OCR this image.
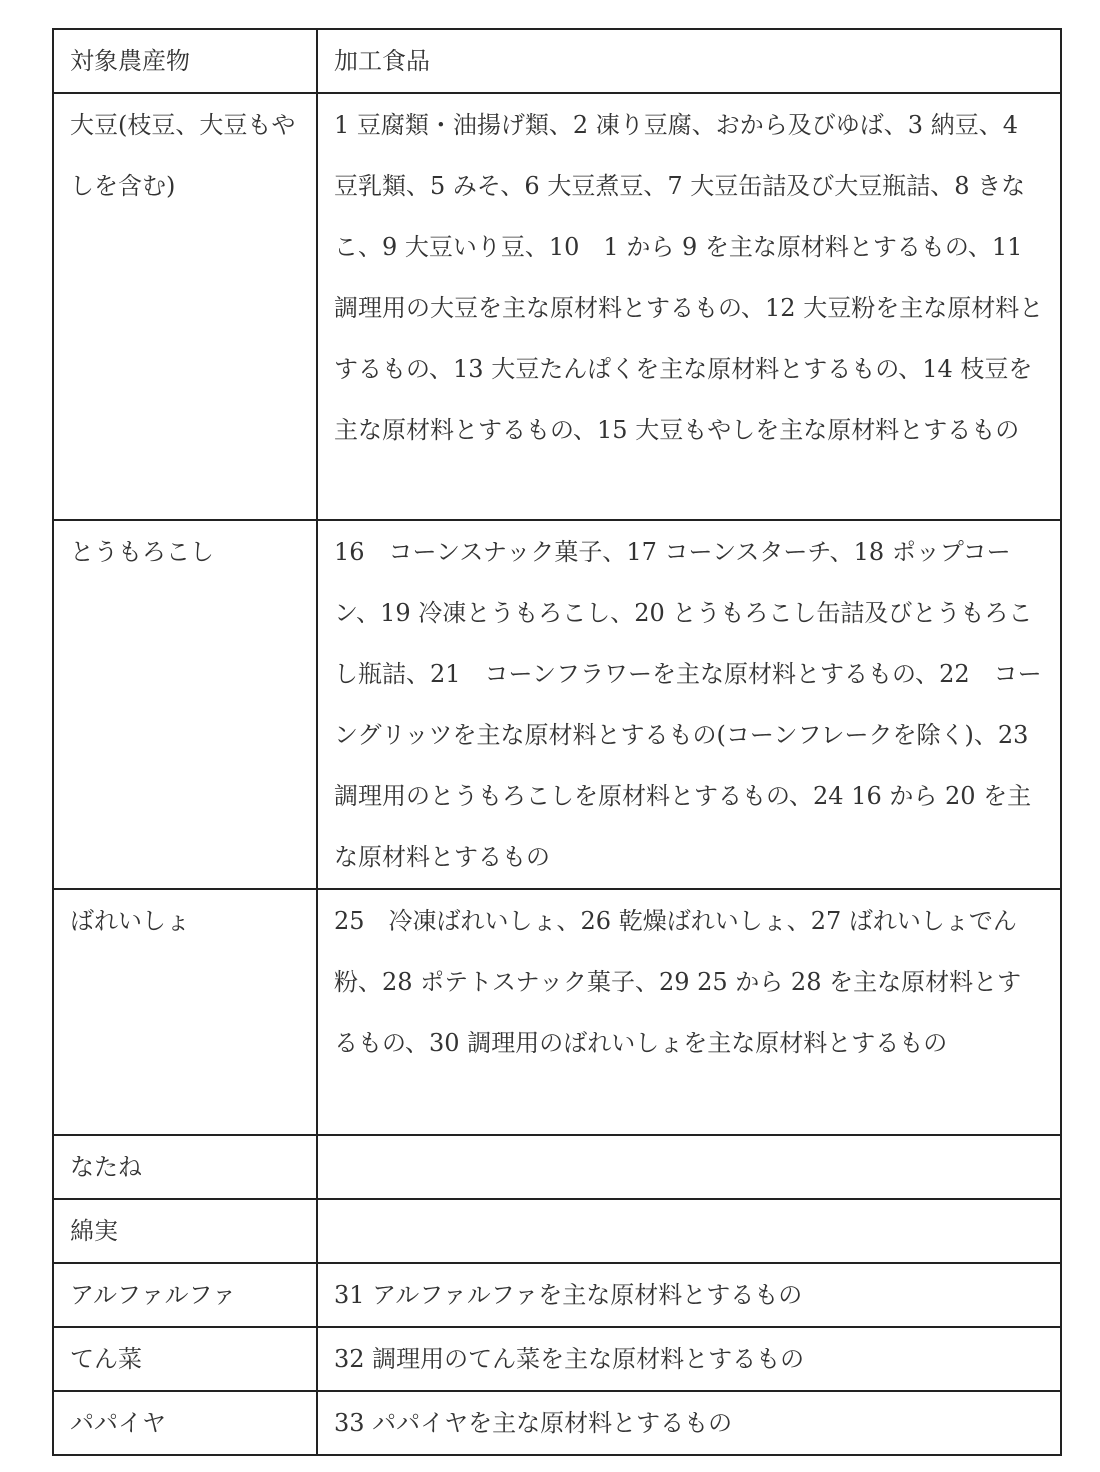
対象農産物	加工食品

大豆(枝豆、大豆もやしを含む)	1 豆腐類・油揚げ類、2 凍り豆腐、おから及びゆば、3 納豆、4 豆乳類、5 みそ、6 大豆煮豆、7 大豆缶詰及び大豆瓶詰、8 きなこ、9 大豆いり豆、10　1 から 9 を主な原材料とするもの、11 調理用の大豆を主な原材料とするもの、12 大豆粉を主な原材料とするもの、13 大豆たんぱくを主な原材料とするもの、14 枝豆を主な原材料とするもの、15 大豆もやしを主な原材料とするもの

とうもろこし	16　コーンスナック菓子、17 コーンスターチ、18 ポップコーン、19 冷凍とうもろこし、20 とうもろこし缶詰及びとうもろこし瓶詰、21　コーンフラワーを主な原材料とするもの、22　コーングリッツを主な原材料とするもの(コーンフレークを除く)、23　調理用のとうもろこしを原材料とするもの、24 16 から 20 を主な原材料とするもの

ばれいしょ	25　冷凍ばれいしょ、26 乾燥ばれいしょ、27 ばれいしょでん粉、28 ポテトスナック菓子、29 25 から 28 を主な原材料とするもの、30 調理用のばれいしょを主な原材料とするもの

なたね	

綿実	

アルファルファ	31 アルファルファを主な原材料とするもの

てん菜	32 調理用のてん菜を主な原材料とするもの

パパイヤ	33 パパイヤを主な原材料とするもの
